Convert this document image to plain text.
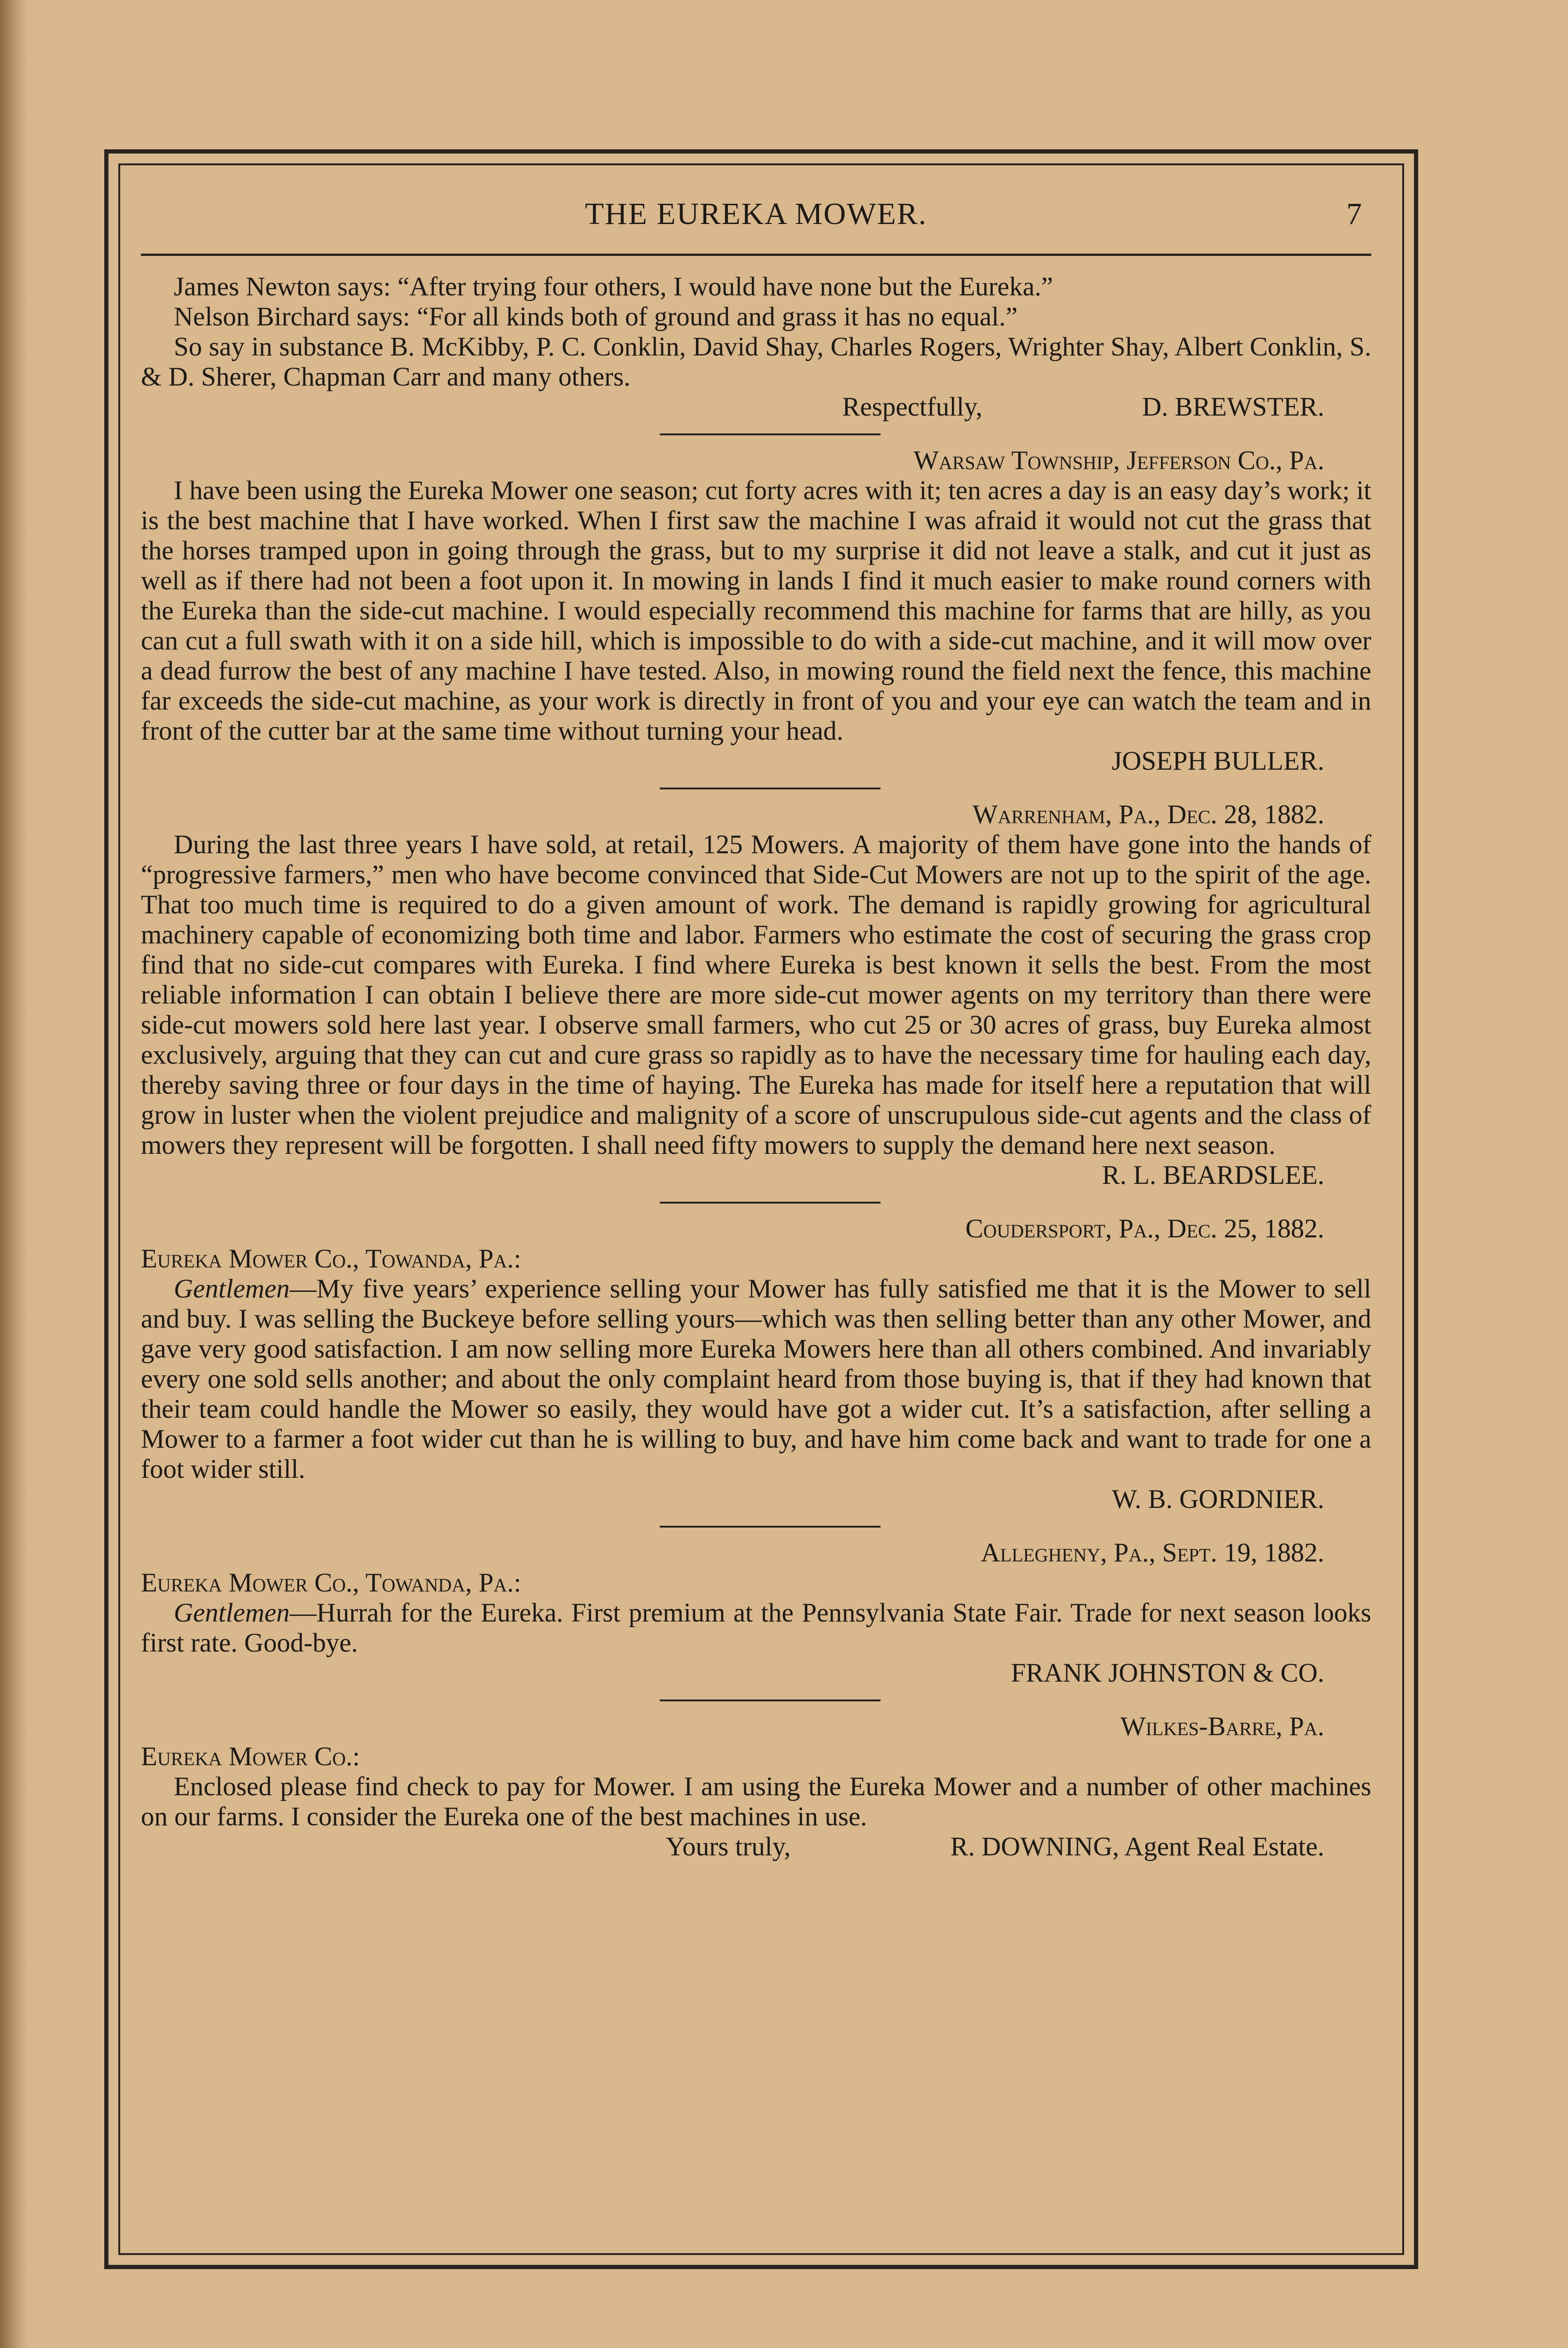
THE EUREKA MOWER.	7

James Newton says: “After trying four others, I would have none but the Eureka.”

Nelson Birchard says: “For all kinds both of ground and grass it has no equal.”

So say in substance B. McKibby, P. C. Conklin, David Shay, Charles Rogers, Wrighter Shay, Albert Conklin, S. & D. Sherer, Chapman Carr and many others.

Respectfully,	D. BREWSTER.

Warsaw Township, Jefferson Co., Pa.

I have been using the Eureka Mower one season; cut forty acres with it; ten acres a day is an easy day’s work; it is the best machine that I have worked. When I first saw the machine I was afraid it would not cut the grass that the horses tramped upon in going through the grass, but to my surprise it did not leave a stalk, and cut it just as well as if there had not been a foot upon it. In mowing in lands I find it much easier to make round corners with the Eureka than the side-cut machine. I would especially recommend this machine for farms that are hilly, as you can cut a full swath with it on a side hill, which is impossible to do with a side-cut machine, and it will mow over a dead furrow the best of any machine I have tested. Also, in mowing round the field next the fence, this machine far exceeds the side-cut machine, as your work is directly in front of you and your eye can watch the team and in front of the cutter bar at the same time without turning your head.

JOSEPH BULLER.

Warrenham, Pa., Dec. 28, 1882.

During the last three years I have sold, at retail, 125 Mowers. A majority of them have gone into the hands of “progressive farmers,” men who have become convinced that Side-Cut Mowers are not up to the spirit of the age. That too much time is required to do a given amount of work. The demand is rapidly growing for agricultural machinery capable of economizing both time and labor. Farmers who estimate the cost of securing the grass crop find that no side-cut compares with Eureka. I find where Eureka is best known it sells the best. From the most reliable information I can obtain I believe there are more side-cut mower agents on my territory than there were side-cut mowers sold here last year. I observe small farmers, who cut 25 or 30 acres of grass, buy Eureka almost exclusively, arguing that they can cut and cure grass so rapidly as to have the necessary time for hauling each day, thereby saving three or four days in the time of haying. The Eureka has made for itself here a reputation that will grow in luster when the violent prejudice and malignity of a score of unscrupulous side-cut agents and the class of mowers they represent will be forgotten. I shall need fifty mowers to supply the demand here next season.

R. L. BEARDSLEE.

Coudersport, Pa., Dec. 25, 1882.

Eureka Mower Co., Towanda, Pa.:

Gentlemen—My five years’ experience selling your Mower has fully satisfied me that it is the Mower to sell and buy. I was selling the Buckeye before selling yours—which was then selling better than any other Mower, and gave very good satisfaction. I am now selling more Eureka Mowers here than all others combined. And invariably every one sold sells another; and about the only complaint heard from those buying is, that if they had known that their team could handle the Mower so easily, they would have got a wider cut. It’s a satisfaction, after selling a Mower to a farmer a foot wider cut than he is willing to buy, and have him come back and want to trade for one a foot wider still.

W. B. GORDNIER.

Allegheny, Pa., Sept. 19, 1882.

Eureka Mower Co., Towanda, Pa.:

Gentlemen—Hurrah for the Eureka. First premium at the Pennsylvania State Fair. Trade for next season looks first rate. Good-bye.

FRANK JOHNSTON & CO.

Wilkes-Barre, Pa.

Eureka Mower Co.:

Enclosed please find check to pay for Mower. I am using the Eureka Mower and a number of other machines on our farms. I consider the Eureka one of the best machines in use.

Yours truly,	R. DOWNING, Agent Real Estate.
